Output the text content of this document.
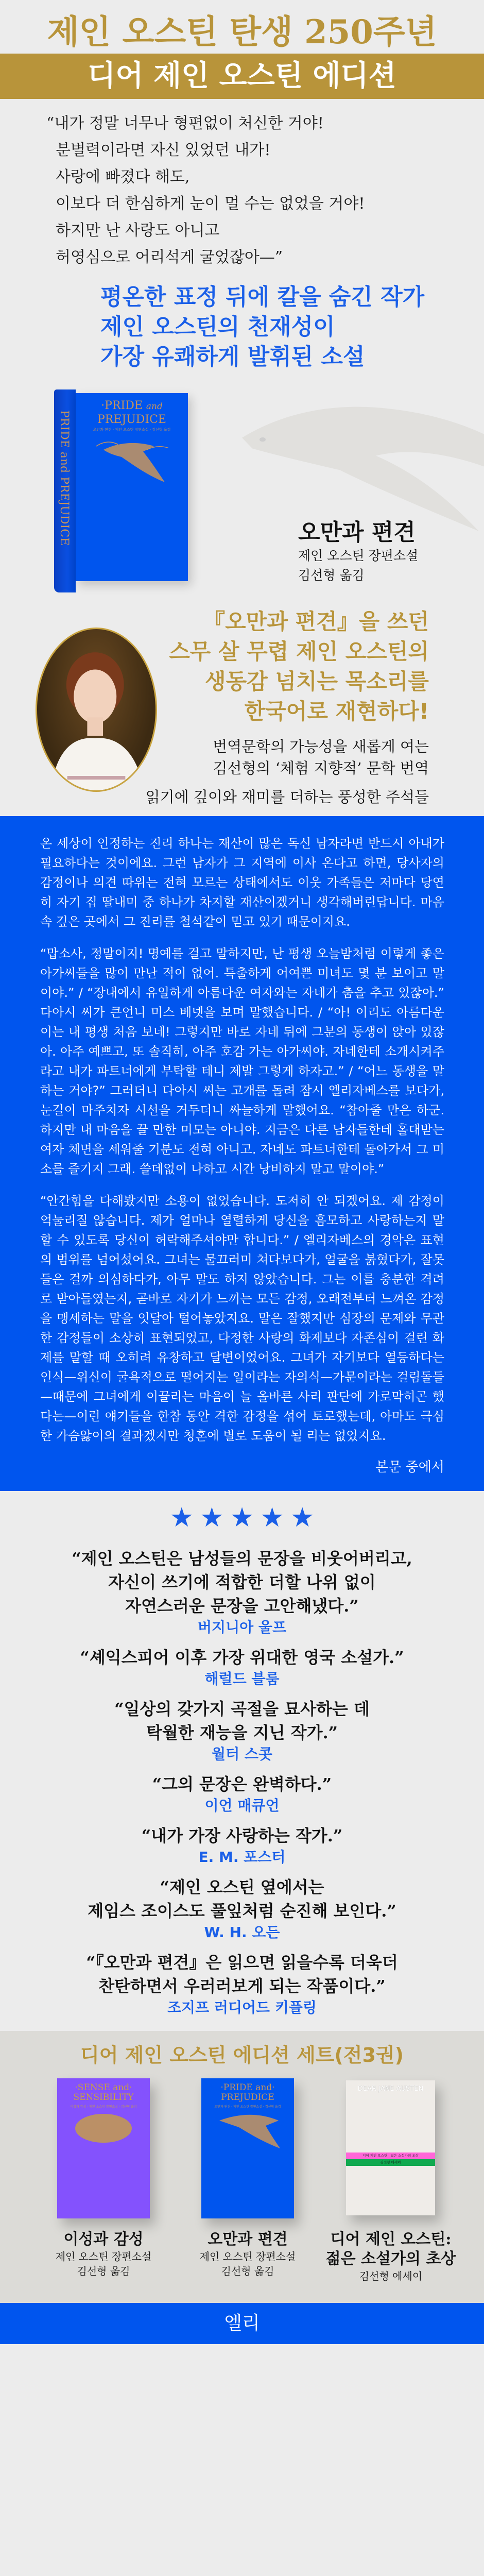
제인 오스틴 탄생 250주년
디어 제인 오스틴 에디션
“내가 정말 너무나 형편없이 처신한 거야!
분별력이라면 자신 있었던 내가!
사랑에 빠졌다 해도,
이보다 더 한심하게 눈이 멀 수는 없었을 거야!
하지만 난 사랑도 아니고
허영심으로 어리석게 굴었잖아—”
평온한 표정 뒤에 칼을 숨긴 작가
제인 오스틴의 천재성이
가장 유쾌하게 발휘된 소설
PRIDE and PREJUDICE
·PRIDE and
PREJUDICE
오만과 편견 · 제인 오스틴 장편소설 · 김선형 옮김
오만과 편견
제인 오스틴 장편소설
김선형 옮김
『오만과 편견』을 쓰던
스무 살 무렵 제인 오스틴의
생동감 넘치는 목소리를
한국어로 재현하다!
번역문학의 가능성을 새롭게 여는
김선형의 ‘체험 지향적’ 문학 번역
읽기에 깊이와 재미를 더하는 풍성한 주석들

온 세상이 인정하는 진리 하나는 재산이 많은 독신 남자라면 반드시 아내가 필요하다는 것이에요. 그런 남자가 그 지역에 이사 온다고 하면, 당사자의 감정이나 의견 따위는 전혀 모르는 상태에서도 이웃 가족들은 저마다 당연히 자기 집 딸내미 중 하나가 차지할 재산이겠거니 생각해버린답니다. 마음속 깊은 곳에서 그 진리를 철석같이 믿고 있기 때문이지요.

“맙소사, 정말이지! 명예를 걸고 말하지만, 난 평생 오늘밤처럼 이렇게 좋은 아가씨들을 많이 만난 적이 없어. 특출하게 어여쁜 미녀도 몇 분 보이고 말이야.” / “장내에서 유일하게 아름다운 여자와는 자네가 춤을 추고 있잖아.” 다아시 씨가 큰언니 미스 베넷을 보며 말했습니다. / “아! 이리도 아름다운 이는 내 평생 처음 보네! 그렇지만 바로 자네 뒤에 그분의 동생이 앉아 있잖아. 아주 예쁘고, 또 솔직히, 아주 호감 가는 아가씨야. 자네한테 소개시켜주라고 내가 파트너에게 부탁할 테니 제발 그렇게 하자고.” / “어느 동생을 말하는 거야?” 그러더니 다아시 씨는 고개를 돌려 잠시 엘리자베스를 보다가, 눈길이 마주치자 시선을 거두더니 싸늘하게 말했어요. “참아줄 만은 하군. 하지만 내 마음을 끌 만한 미모는 아니야. 지금은 다른 남자들한테 홀대받는 여자 체면을 세워줄 기분도 전혀 아니고. 자네도 파트너한테 돌아가서 그 미소를 즐기지 그래. 쓸데없이 나하고 시간 낭비하지 말고 말이야.”

“안간힘을 다해봤지만 소용이 없었습니다. 도저히 안 되겠어요. 제 감정이 억눌리질 않습니다. 제가 얼마나 열렬하게 당신을 흠모하고 사랑하는지 말할 수 있도록 당신이 허락해주셔야만 합니다.” / 엘리자베스의 경악은 표현의 범위를 넘어섰어요. 그녀는 물끄러미 쳐다보다가, 얼굴을 붉혔다가, 잘못 들은 걸까 의심하다가, 아무 말도 하지 않았습니다. 그는 이를 충분한 격려로 받아들였는지, 곧바로 자기가 느끼는 모든 감정, 오래전부터 느껴온 감정을 맹세하는 말을 잇달아 털어놓았지요. 말은 잘했지만 심장의 문제와 무관한 감정들이 소상히 표현되었고, 다정한 사랑의 화제보다 자존심이 걸린 화제를 말할 때 오히려 유창하고 달변이었어요. 그녀가 자기보다 열등하다는 인식—위신이 굴욕적으로 떨어지는 일이라는 자의식—가문이라는 걸림돌들—때문에 그녀에게 이끌리는 마음이 늘 올바른 사리 판단에 가로막히곤 했다는—이런 얘기들을 한참 동안 격한 감정을 섞어 토로했는데, 아마도 극심한 가슴앓이의 결과겠지만 청혼에 별로 도움이 될 리는 없었지요.

본문 중에서
★ ★ ★ ★ ★
“제인 오스틴은 남성들의 문장을 비웃어버리고,
자신이 쓰기에 적합한 더할 나위 없이
자연스러운 문장을 고안해냈다.”
버지니아 울프
“셰익스피어 이후 가장 위대한 영국 소설가.”
해럴드 블룸
“일상의 갖가지 곡절을 묘사하는 데
탁월한 재능을 지닌 작가.”
월터 스콧
“그의 문장은 완벽하다.”
이언 매큐언
“내가 가장 사랑하는 작가.”
E. M. 포스터
“제인 오스틴 옆에서는
제임스 조이스도 풀잎처럼 순진해 보인다.”
W. H. 오든
“『오만과 편견』은 읽으면 읽을수록 더욱더
찬탄하면서 우러러보게 되는 작품이다.”
조지프 러디어드 키플링
디어 제인 오스틴 에디션 세트(전3권)
·SENSE and·
SENSIBILITY
이성과 감성 · 제인 오스틴 장편소설 · 김선형 옮김
·PRIDE and·
PREJUDICE
오만과 편견 · 제인 오스틴 장편소설 · 김선형 옮김
DEAR JANE AUSTEN
디어 제인 오스틴 : 젊은 소설가의 초상
김선형 에세이
이성과 감성
제인 오스틴 장편소설
김선형 옮김
오만과 편견
제인 오스틴 장편소설
김선형 옮김
디어 제인 오스틴:
젊은 소설가의 초상
김선형 에세이
엘리
